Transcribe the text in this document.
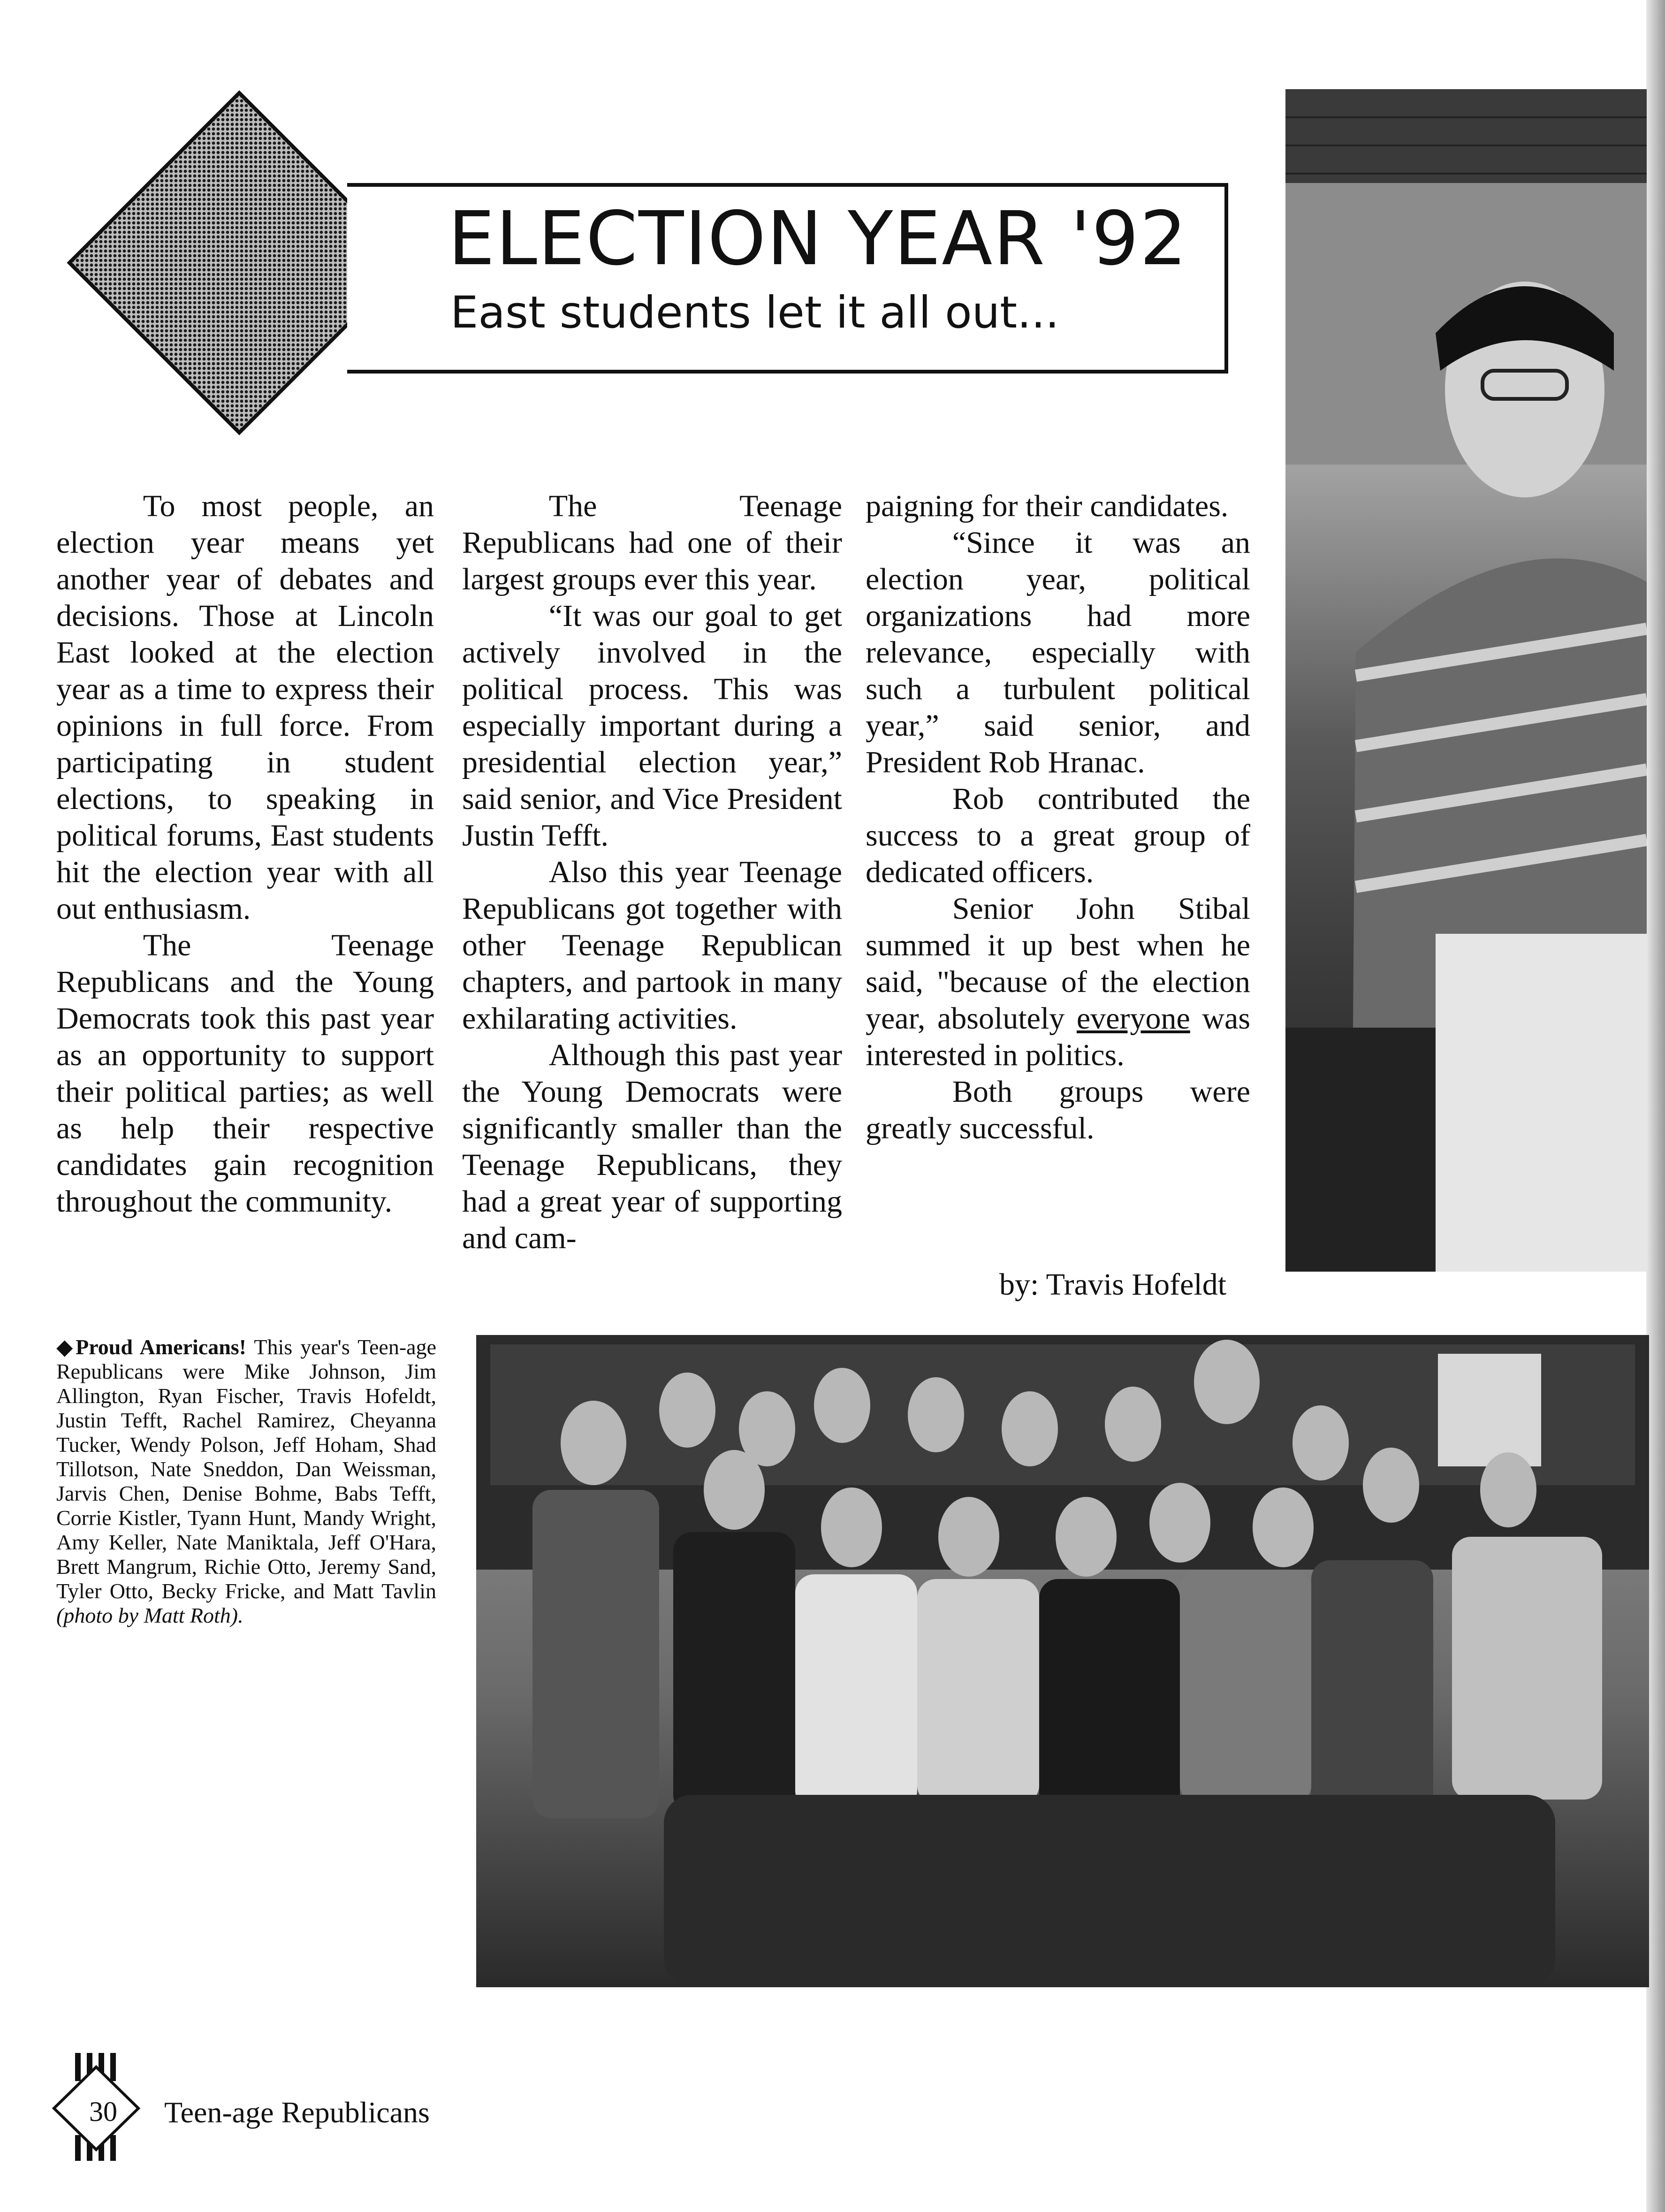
ELECTION YEAR '92
East students let it all out...

To most people, an election year means yet another year of debates and decisions. Those at Lincoln East looked at the election year as a time to express their opinions in full force. From participating in student elections, to speaking in political forums, East students hit the election year with all out enthusiasm.

The Teenage Republicans and the Young Democrats took this past year as an opportunity to support their political parties; as well as help their respective candidates gain recognition throughout the community.

The Teenage Republicans had one of their largest groups ever this year.

“It was our goal to get actively involved in the political process. This was especially important during a presidential election year,” said senior, and Vice President Justin Tefft.

Also this year Teenage Republicans got together with other Teenage Republican chapters, and partook in many exhilarating activities.

Although this past year the Young Democrats were significantly smaller than the Teenage Republicans, they had a great year of supporting and cam-

paigning for their candidates.

“Since it was an election year, political organizations had more relevance, especially with such a turbulent political year,” said senior, and President Rob Hranac.

Rob contributed the success to a great group of dedicated officers.

Senior John Stibal summed it up best when he said, "because of the election year, absolutely everyone was interested in politics.

Both groups were greatly successful.

by: Travis Hofeldt
◆Proud Americans! This year's Teen-age Republicans were Mike Johnson, Jim Allington, Ryan Fischer, Travis Hofeldt, Justin Tefft, Rachel Ramirez, Cheyanna Tucker, Wendy Polson, Jeff Hoham, Shad Tillotson, Nate Sneddon, Dan Weissman, Jarvis Chen, Denise Bohme, Babs Tefft, Corrie Kistler, Tyann Hunt, Mandy Wright, Amy Keller, Nate Maniktala, Jeff O'Hara, Brett Mangrum, Richie Otto, Jeremy Sand, Tyler Otto, Becky Fricke, and Matt Tavlin (photo by Matt Roth).
30	Teen-age Republicans
